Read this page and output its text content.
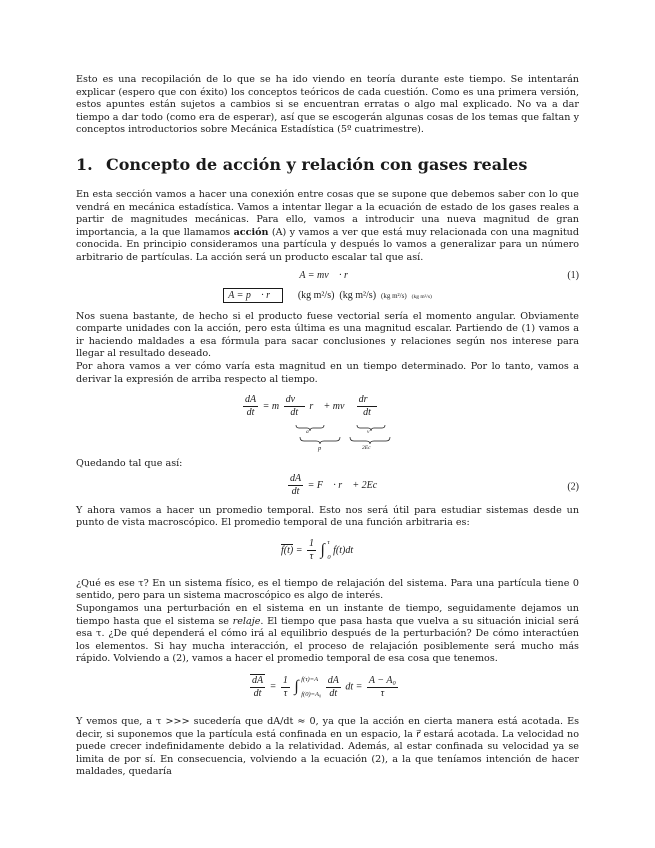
Esto es una recopilación de lo que se ha ido viendo en teoría durante este tiempo. Se intentarán explicar (espero que con éxito) los conceptos teóricos de cada cuestión. Como es una primera versión, estos apuntes están sujetos a cambios si se encuentran erratas o algo mal explicado. No va a dar tiempo a dar todo (como era de esperar), así que se escogerán algunas cosas de los temas que faltan y conceptos introductorios sobre Mecánica Estadística (5º cuatrimestre).

1. Concepto de acción y relación con gases reales

En esta sección vamos a hacer una conexión entre cosas que se supone que debemos saber con lo que vendrá en mecánica estadística. Vamos a intentar llegar a la ecuación de estado de los gases reales a partir de magnitudes mecánicas. Para ello, vamos a introducir una nueva magnitud de gran importancia, a la que llamamos acción (A) y vamos a ver que está muy relacionada con una magnitud conocida. En principio consideramos una partícula y después lo vamos a generalizar para un número arbitrario de partículas. La acción será un producto escalar tal que así.

A = mv⃗ · r⃗	(1)
A = p⃗ · r⃗ (kg m²/s) (kg m²/s) (kg m²/s) (kg m²/s)

Nos suena bastante, de hecho si el producto fuese vectorial sería el momento angular. Obviamente comparte unidades con la acción, pero esta última es una magnitud escalar. Partiendo de (1) vamos a ir haciendo maldades a esa fórmula para sacar conclusiones y relaciones según nos interese para llegar al resultado deseado.

Por ahora vamos a ver cómo varía esta magnitud en un tiempo determinado. Por lo tanto, vamos a derivar la expresión de arriba respecto al tiempo.

$\frac{dA}{dt} = m \frac{dv⃗}{dt}$ r⃗ + mv⃗ $\frac{dr⃗}{dt}$
a⃗
p⃗
v⃗
2Ec

Quedando tal que así:

$\frac{dA}{dt}$ = F⃗ · r⃗ + 2Ec	(2)

Y ahora vamos a hacer un promedio temporal. Esto nos será útil para estudiar sistemas desde un punto de vista macroscópico. El promedio temporal de una función arbitraria es:

$f(t) = \frac{1}{\tau}$ ∫ τ
0
f(t)dt

¿Qué es ese τ? En un sistema físico, es el tiempo de relajación del sistema. Para una partícula tiene 0 sentido, pero para un sistema macroscópico es algo de interés.

Supongamos una perturbación en el sistema en un instante de tiempo, seguidamente dejamos un tiempo hasta que el sistema se relaje. El tiempo que pasa hasta que vuelva a su situación inicial será esa τ. ¿De qué dependerá el cómo irá al equilibrio después de la perturbación? De cómo interactúen los elementos. Si hay mucha interacción, el proceso de relajación posiblemente será mucho más rápido. Volviendo a (2), vamos a hacer el promedio temporal de esa cosa que tenemos.

$\frac{dA}{dt} = \frac{1}{\tau}$ ∫ f(τ)=A
f(0)=A₀
$\frac{dA}{dt}$ dt = $\frac{\text{A − A₀}}{\tau}$

Y vemos que, a τ >>> sucedería que dA/dt ≈ 0, ya que la acción en cierta manera está acotada. Es decir, si suponemos que la partícula está confinada en un espacio, la r⃗ estará acotada. La velocidad no puede crecer indefinidamente debido a la relatividad. Además, al estar confinada su velocidad ya se limita de por sí. En consecuencia, volviendo a la ecuación (2), a la que teníamos intención de hacer maldades, quedaría
